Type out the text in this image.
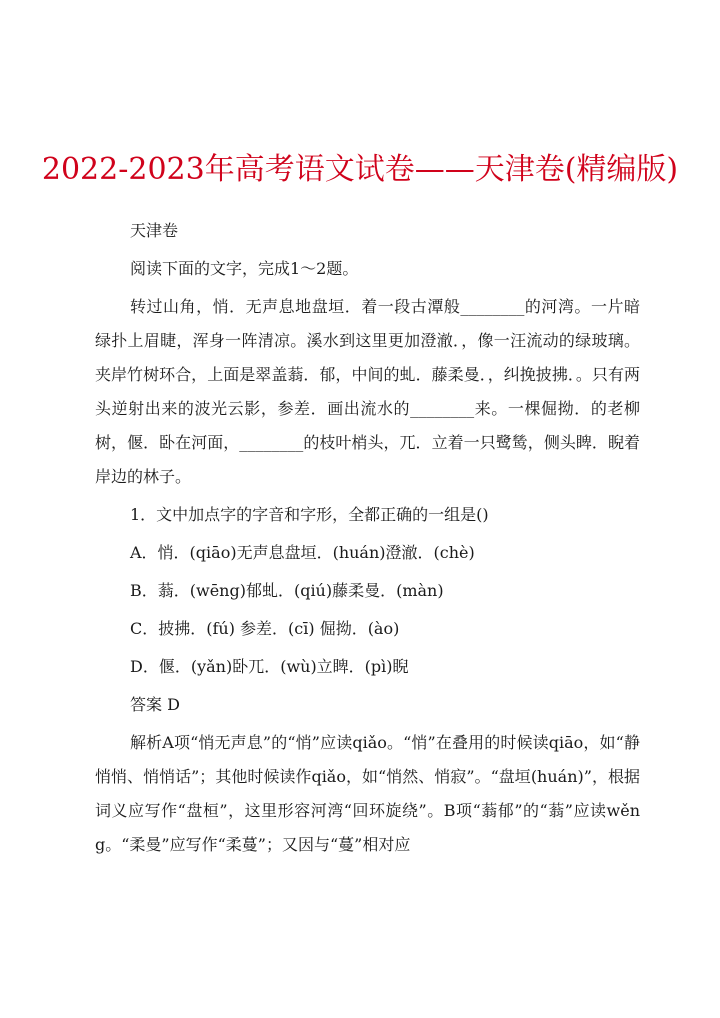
2022-2023年高考语文试卷——天津卷(精编版)

天津卷

阅读下面的文字，完成1～2题。

转过山角，悄．无声息地盘垣．着一段古潭般________的河湾。一片暗绿扑上眉睫，浑身一阵清凉。溪水到这里更加澄澈．，像一汪流动的绿玻璃。夹岸竹树环合，上面是翠盖蓊．郁，中间的虬．藤柔曼．，纠挽披拂．。只有两头逆射出来的波光云影，参差．画出流水的________来。一棵倔拗．的老柳树，偃．卧在河面，________的枝叶梢头，兀．立着一只鹭鸶，侧头睥．睨着岸边的林子。

1．文中加点字的字音和字形，全都正确的一组是()

A．悄．(qiāo)无声息盘垣．(huán)澄澈．(chè)

B．蓊．(wēng)郁虬．(qiú)藤柔曼．(màn)

C．披拂．(fú) 参差．(cī) 倔拗．(ào)

D．偃．(yǎn)卧兀．(wù)立睥．(pì)睨

答案 D

解析A项“悄无声息”的“悄”应读qiǎo。“悄”在叠用的时候读qiāo，如“静悄悄、悄悄话”；其他时候读作qiǎo，如“悄然、悄寂”。“盘垣(huán)”，根据词义应写作“盘桓”，这里形容河湾“回环旋绕”。B项“蓊郁”的“蓊”应读wěng。“柔曼”应写作“柔蔓”；又因与“蔓”相对应
